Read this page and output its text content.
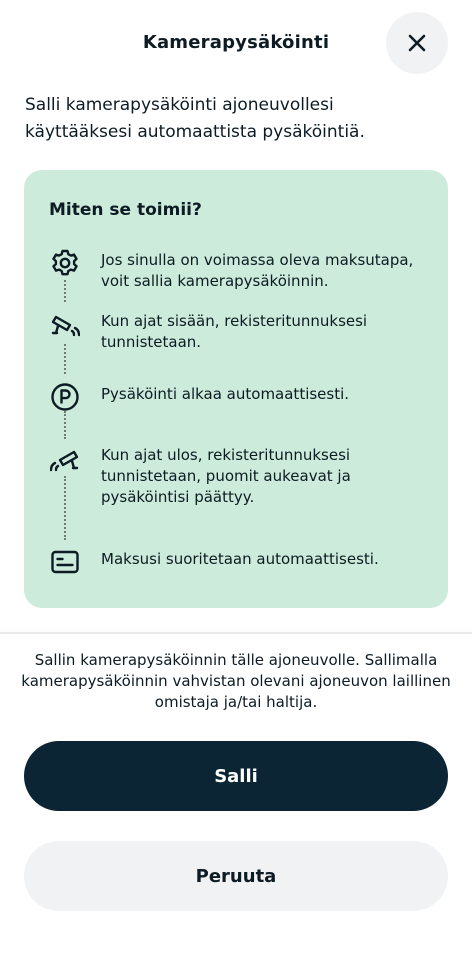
Kamerapysäköinti
Salli kamerapysäköinti ajoneuvollesi käyttääksesi automaattista pysäköintiä.
Miten se toimii?
Jos sinulla on voimassa oleva maksutapa, voit sallia kamerapysäköinnin.
Kun ajat sisään, rekisteritunnuksesi tunnistetaan.
Pysäköinti alkaa automaattisesti.
Kun ajat ulos, rekisteritunnuksesi tunnistetaan, puomit aukeavat ja pysäköintisi päättyy.
Maksusi suoritetaan automaattisesti.
Sallin kamerapysäköinnin tälle ajoneuvolle. Sallimalla kamerapysäköinnin vahvistan olevani ajoneuvon laillinen omistaja ja/tai haltija.
Salli
Peruuta
